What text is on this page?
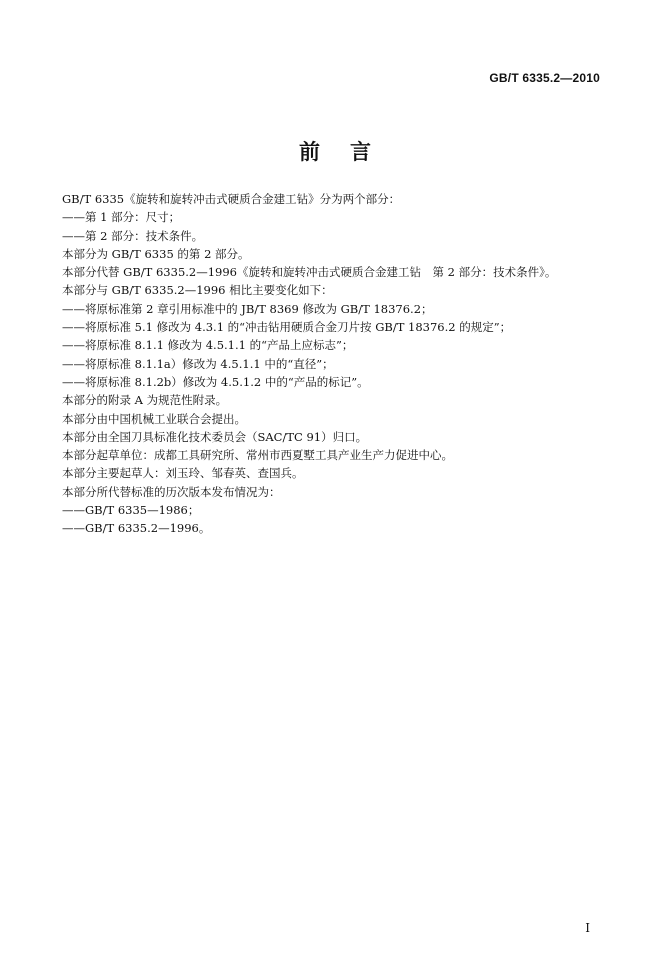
GB/T 6335.2—2010
前言
GB/T 6335《旋转和旋转冲击式硬质合金建工钻》分为两个部分：
——第 1 部分：尺寸；
——第 2 部分：技术条件。
本部分为 GB/T 6335 的第 2 部分。
本部分代替 GB/T 6335.2—1996《旋转和旋转冲击式硬质合金建工钻　第 2 部分：技术条件》。
本部分与 GB/T 6335.2—1996 相比主要变化如下：
——将原标准第 2 章引用标准中的 JB/T 8369 修改为 GB/T 18376.2；
——将原标准 5.1 修改为 4.3.1 的“冲击钻用硬质合金刀片按 GB/T 18376.2 的规定”；
——将原标准 8.1.1 修改为 4.5.1.1 的“产品上应标志”；
——将原标准 8.1.1a）修改为 4.5.1.1 中的“直径”；
——将原标准 8.1.2b）修改为 4.5.1.2 中的“产品的标记”。
本部分的附录 A 为规范性附录。
本部分由中国机械工业联合会提出。
本部分由全国刀具标准化技术委员会（SAC/TC 91）归口。
本部分起草单位：成都工具研究所、常州市西夏墅工具产业生产力促进中心。
本部分主要起草人：刘玉玲、邹春英、查国兵。
本部分所代替标准的历次版本发布情况为：
——GB/T 6335—1986；
——GB/T 6335.2—1996。
I
